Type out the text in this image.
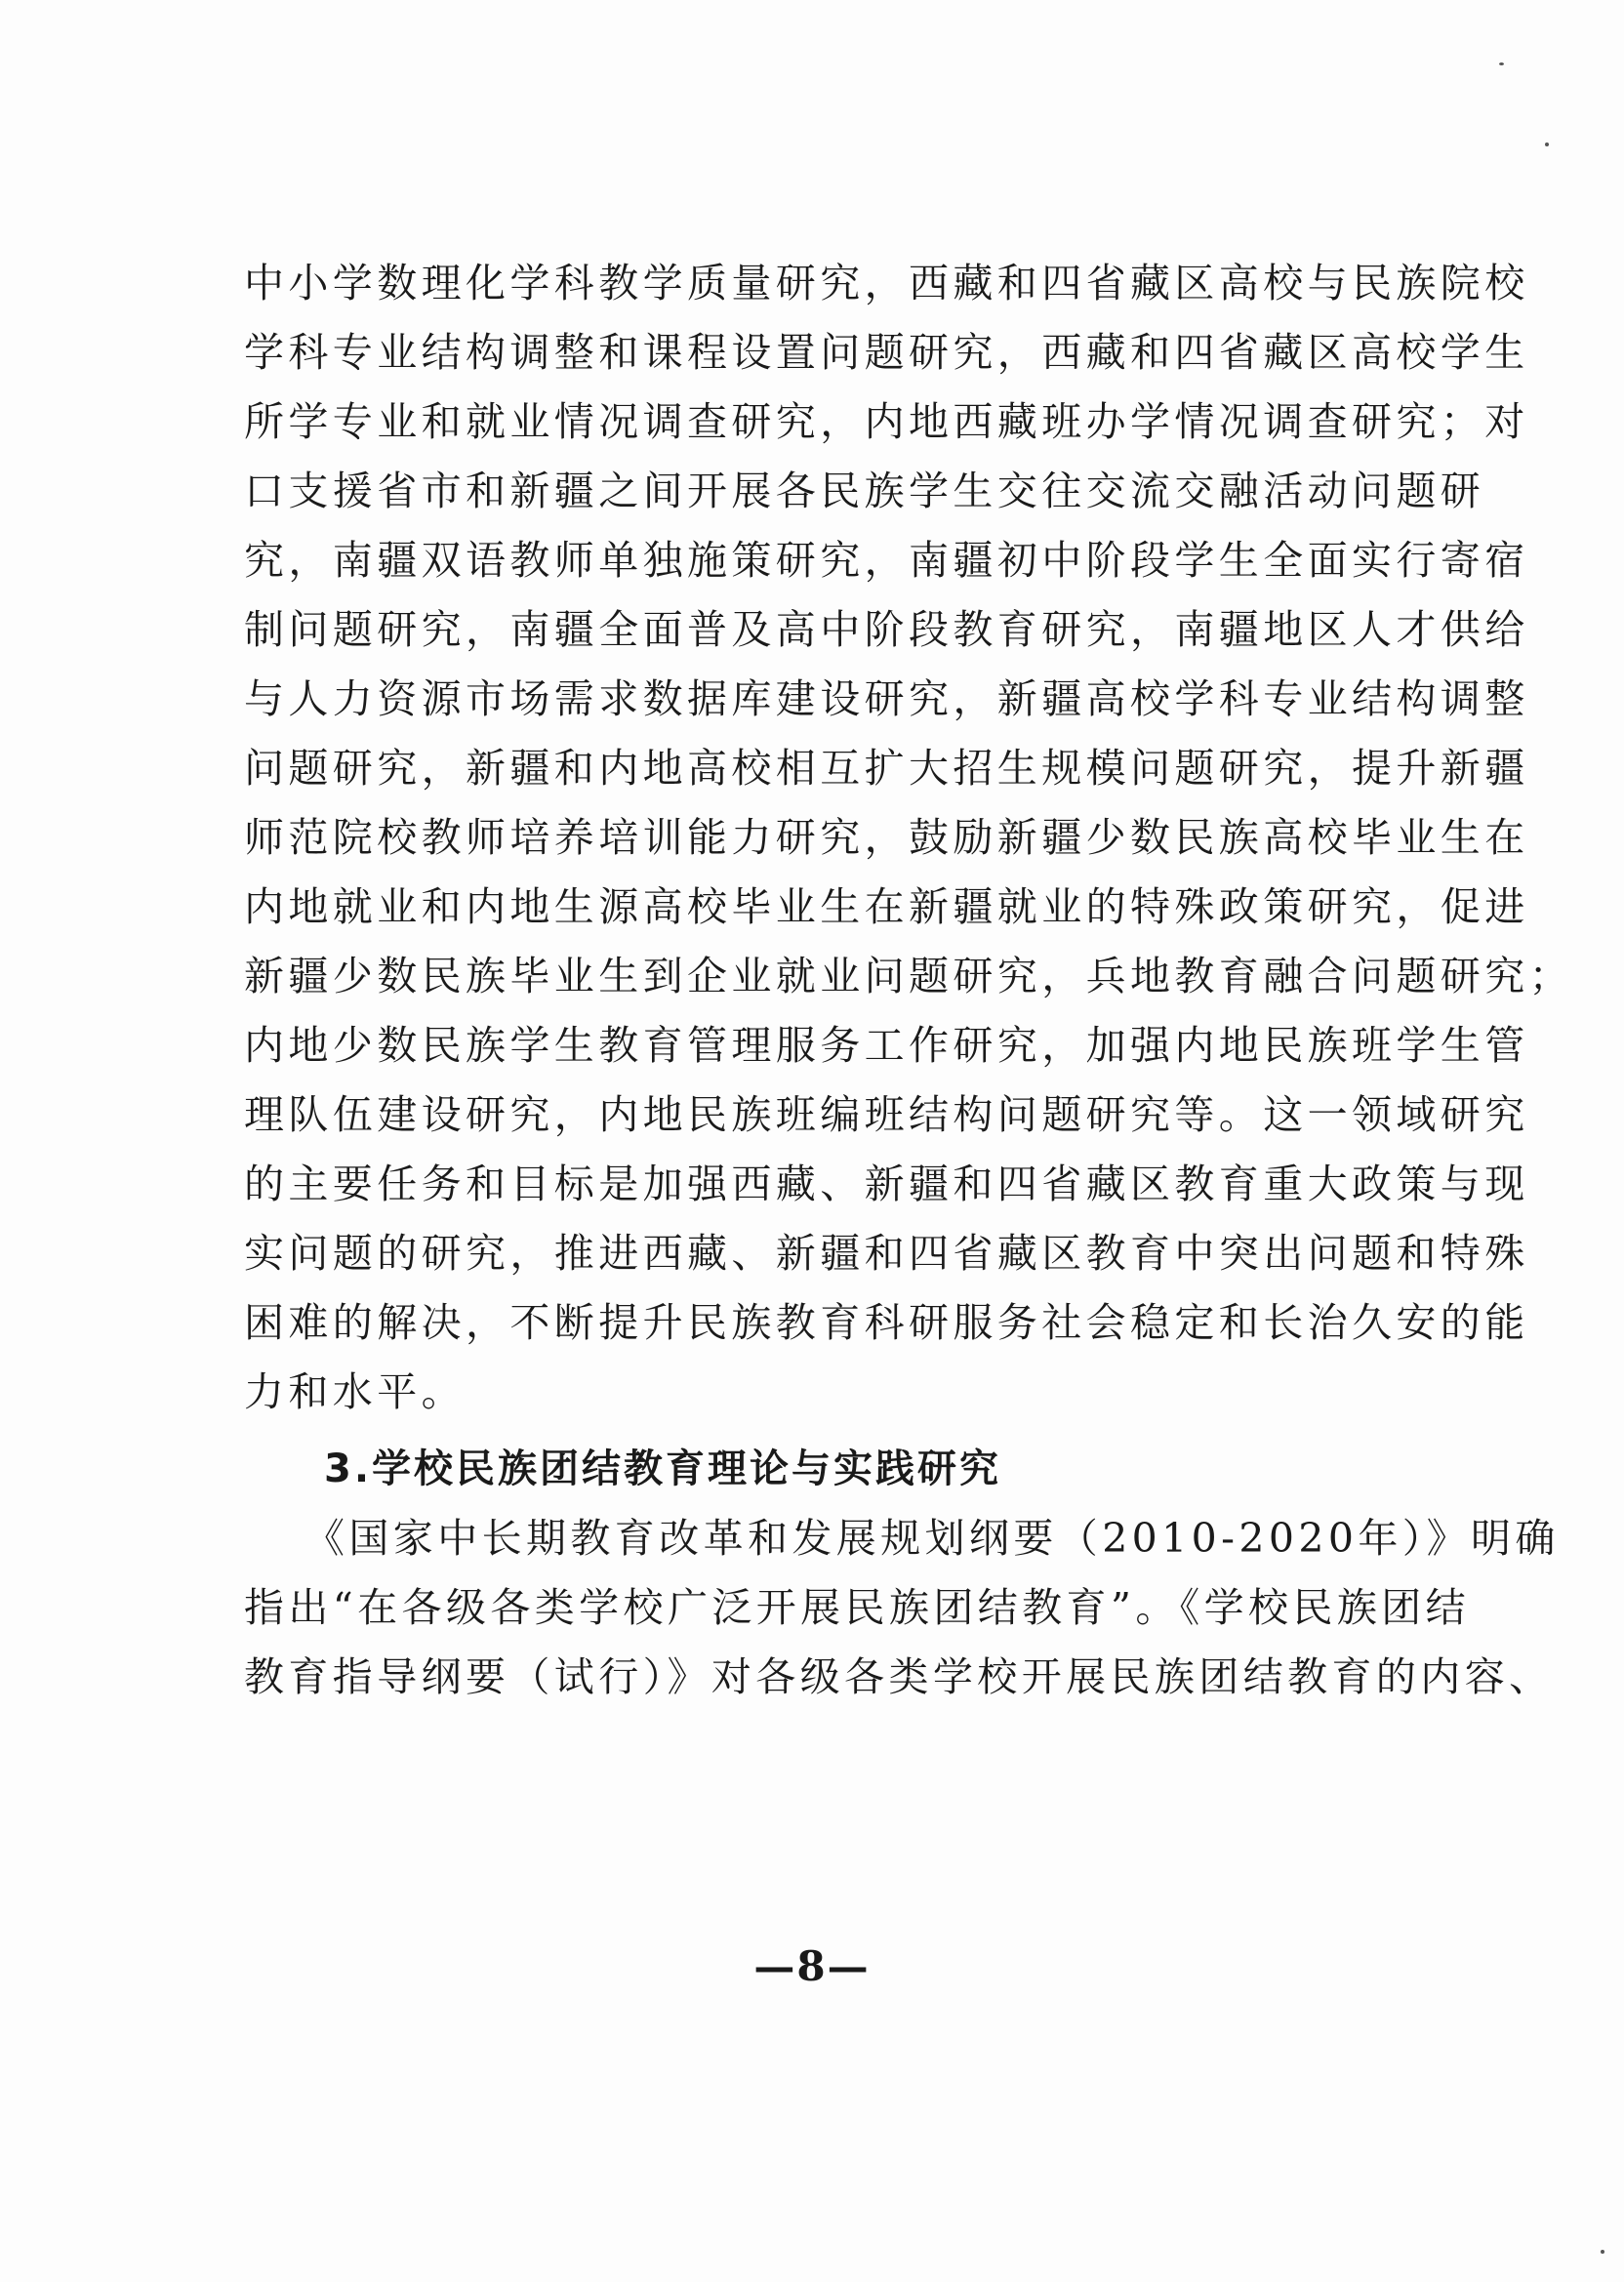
中小学数理化学科教学质量研究，西藏和四省藏区高校与民族院校
学科专业结构调整和课程设置问题研究，西藏和四省藏区高校学生
所学专业和就业情况调查研究，内地西藏班办学情况调查研究；对
口支援省市和新疆之间开展各民族学生交往交流交融活动问题研
究，南疆双语教师单独施策研究，南疆初中阶段学生全面实行寄宿
制问题研究，南疆全面普及高中阶段教育研究，南疆地区人才供给
与人力资源市场需求数据库建设研究，新疆高校学科专业结构调整
问题研究，新疆和内地高校相互扩大招生规模问题研究，提升新疆
师范院校教师培养培训能力研究，鼓励新疆少数民族高校毕业生在
内地就业和内地生源高校毕业生在新疆就业的特殊政策研究，促进
新疆少数民族毕业生到企业就业问题研究，兵地教育融合问题研究；
内地少数民族学生教育管理服务工作研究，加强内地民族班学生管
理队伍建设研究，内地民族班编班结构问题研究等。这一领域研究
的主要任务和目标是加强西藏、新疆和四省藏区教育重大政策与现
实问题的研究，推进西藏、新疆和四省藏区教育中突出问题和特殊
困难的解决，不断提升民族教育科研服务社会稳定和长治久安的能
力和水平。
3.学校民族团结教育理论与实践研究
《国家中长期教育改革和发展规划纲要（2010-2020年）》明确
指出“在各级各类学校广泛开展民族团结教育”。《学校民族团结
教育指导纲要（试行）》对各级各类学校开展民族团结教育的内容、
—8—
